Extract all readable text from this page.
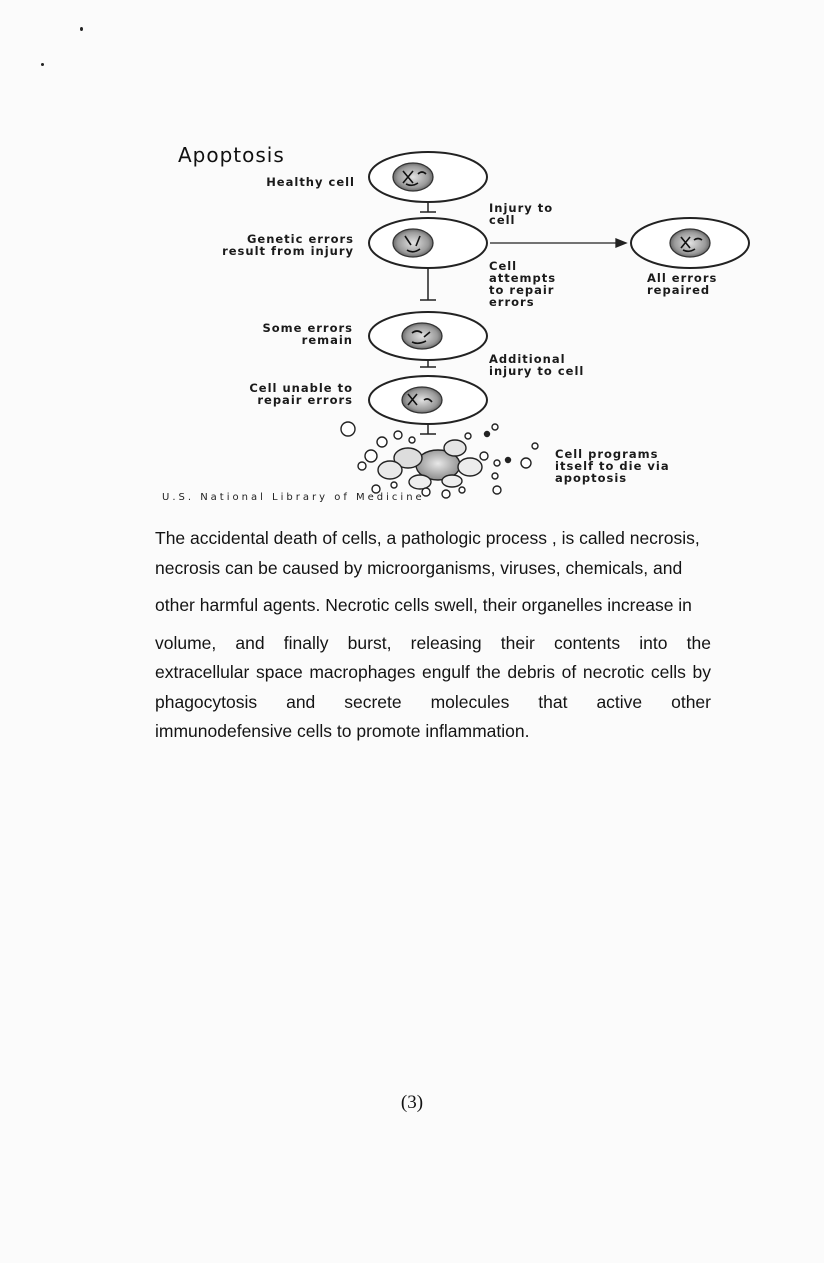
Apoptosis
Healthy cell
Genetic errors
result from injury
Some errors
remain
Cell unable to
repair errors
Injury to
cell
Cell
attempts
to repair
errors
All errors
repaired
Additional
injury to cell
Cell programs
itself to die via
apoptosis
U.S. National Library of Medicine
The accidental death of cells, a pathologic process , is called necrosis,
necrosis can be caused by microorganisms, viruses, chemicals, and
other harmful agents. Necrotic cells swell, their organelles increase in
volume, and finally burst, releasing their contents into the
extracellular space macrophages engulf the debris of necrotic cells by
phagocytosis and secrete molecules that active other
immunodefensive cells to promote inflammation.
(3)
